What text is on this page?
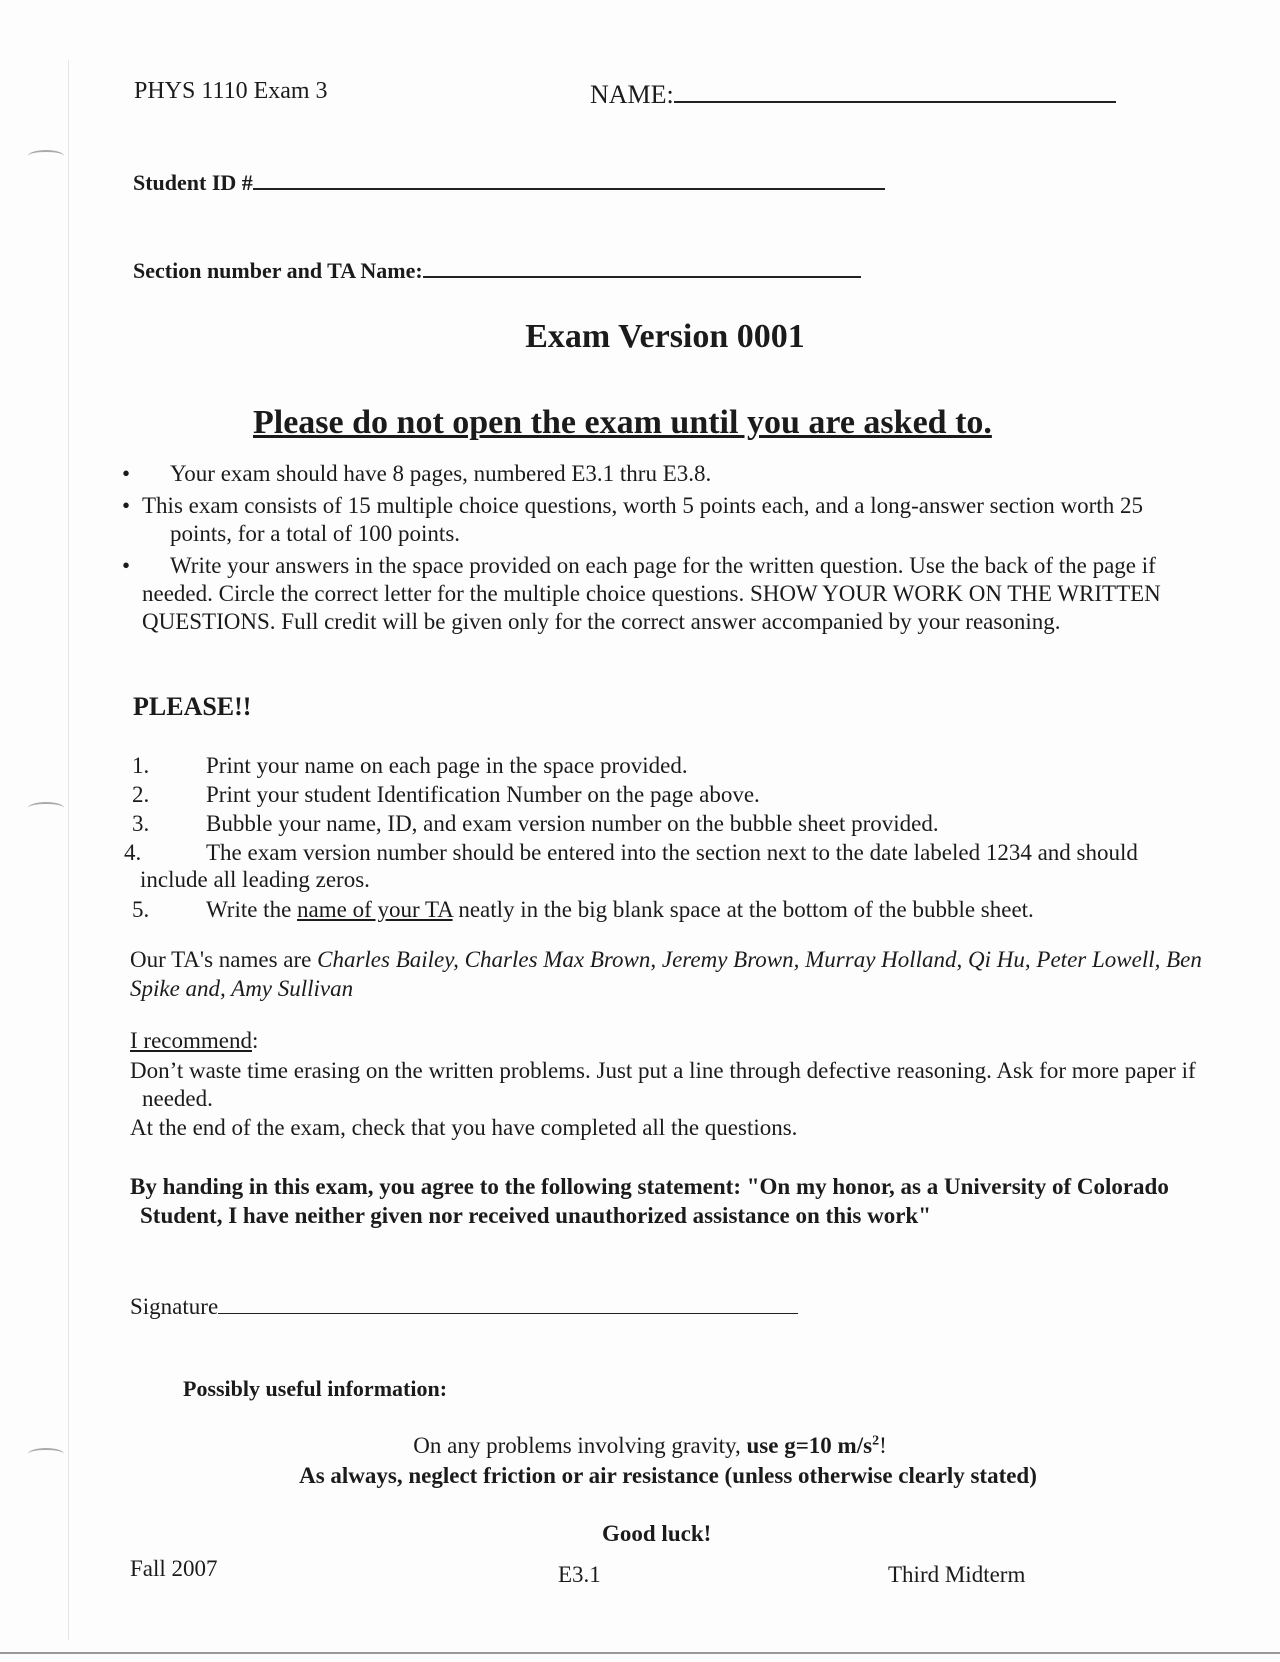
PHYS 1110 Exam 3	NAME:
Student ID #
Section number and TA Name:
Exam Version 0001
Please do not open the exam until you are asked to.
• Your exam should have 8 pages, numbered E3.1 thru E3.8.
• This exam consists of 15 multiple choice questions, worth 5 points each, and a long-answer section worth 25 points, for a total of 100 points.
•	Write your answers in the space provided on each page for the written question. Use the back of the page if needed. Circle the correct letter for the multiple choice questions. SHOW YOUR WORK ON THE WRITTEN QUESTIONS. Full credit will be given only for the correct answer accompanied by your reasoning.
PLEASE!!
1. Print your name on each page in the space provided.
2. Print your student Identification Number on the page above.
3. Bubble your name, ID, and exam version number on the bubble sheet provided.
4.	The exam version number should be entered into the section next to the date labeled 1234 and should include all leading zeros.
5. Write the name of your TA neatly in the big blank space at the bottom of the bubble sheet.
Our TA's names are Charles Bailey, Charles Max Brown, Jeremy Brown, Murray Holland, Qi Hu, Peter Lowell, Ben Spike and, Amy Sullivan
I recommend:
Don’t waste time erasing on the written problems. Just put a line through defective reasoning. Ask for more paper if needed.
At the end of the exam, check that you have completed all the questions.
By handing in this exam, you agree to the following statement: "On my honor, as a University of Colorado Student, I have neither given nor received unauthorized assistance on this work"
Signature
Possibly useful information:
On any problems involving gravity, use g=10 $m/s^2$!
As always, neglect friction or air resistance (unless otherwise clearly stated)
Good luck!
Fall 2007	E3.1	Third Midterm
